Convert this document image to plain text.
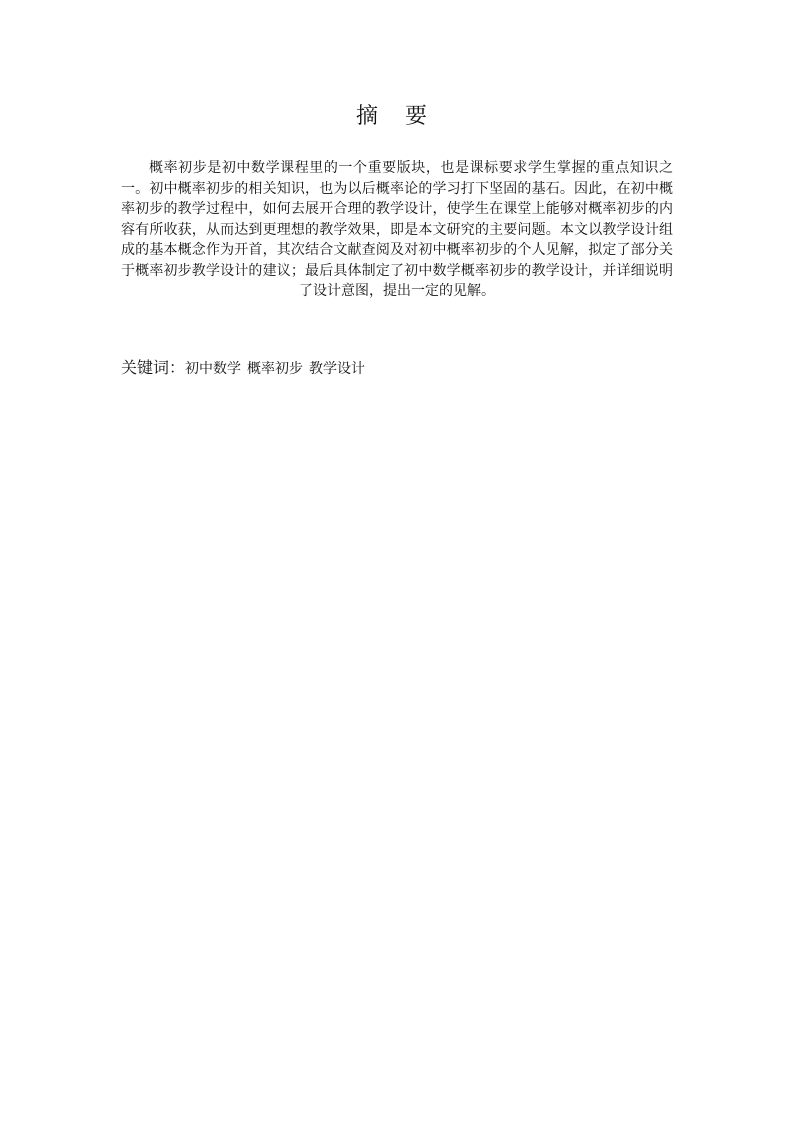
摘 要

概率初步是初中数学课程里的一个重要版块，也是课标要求学生掌握的重点知识之一。初中概率初步的相关知识，也为以后概率论的学习打下坚固的基石。因此，在初中概率初步的教学过程中，如何去展开合理的教学设计，使学生在课堂上能够对概率初步的内容有所收获，从而达到更理想的教学效果，即是本文研究的主要问题。本文以教学设计组成的基本概念作为开首，其次结合文献查阅及对初中概率初步的个人见解，拟定了部分关于概率初步教学设计的建议；最后具体制定了初中数学概率初步的教学设计，并详细说明了设计意图，提出一定的见解。

关键词：初中数学 概率初步 教学设计
